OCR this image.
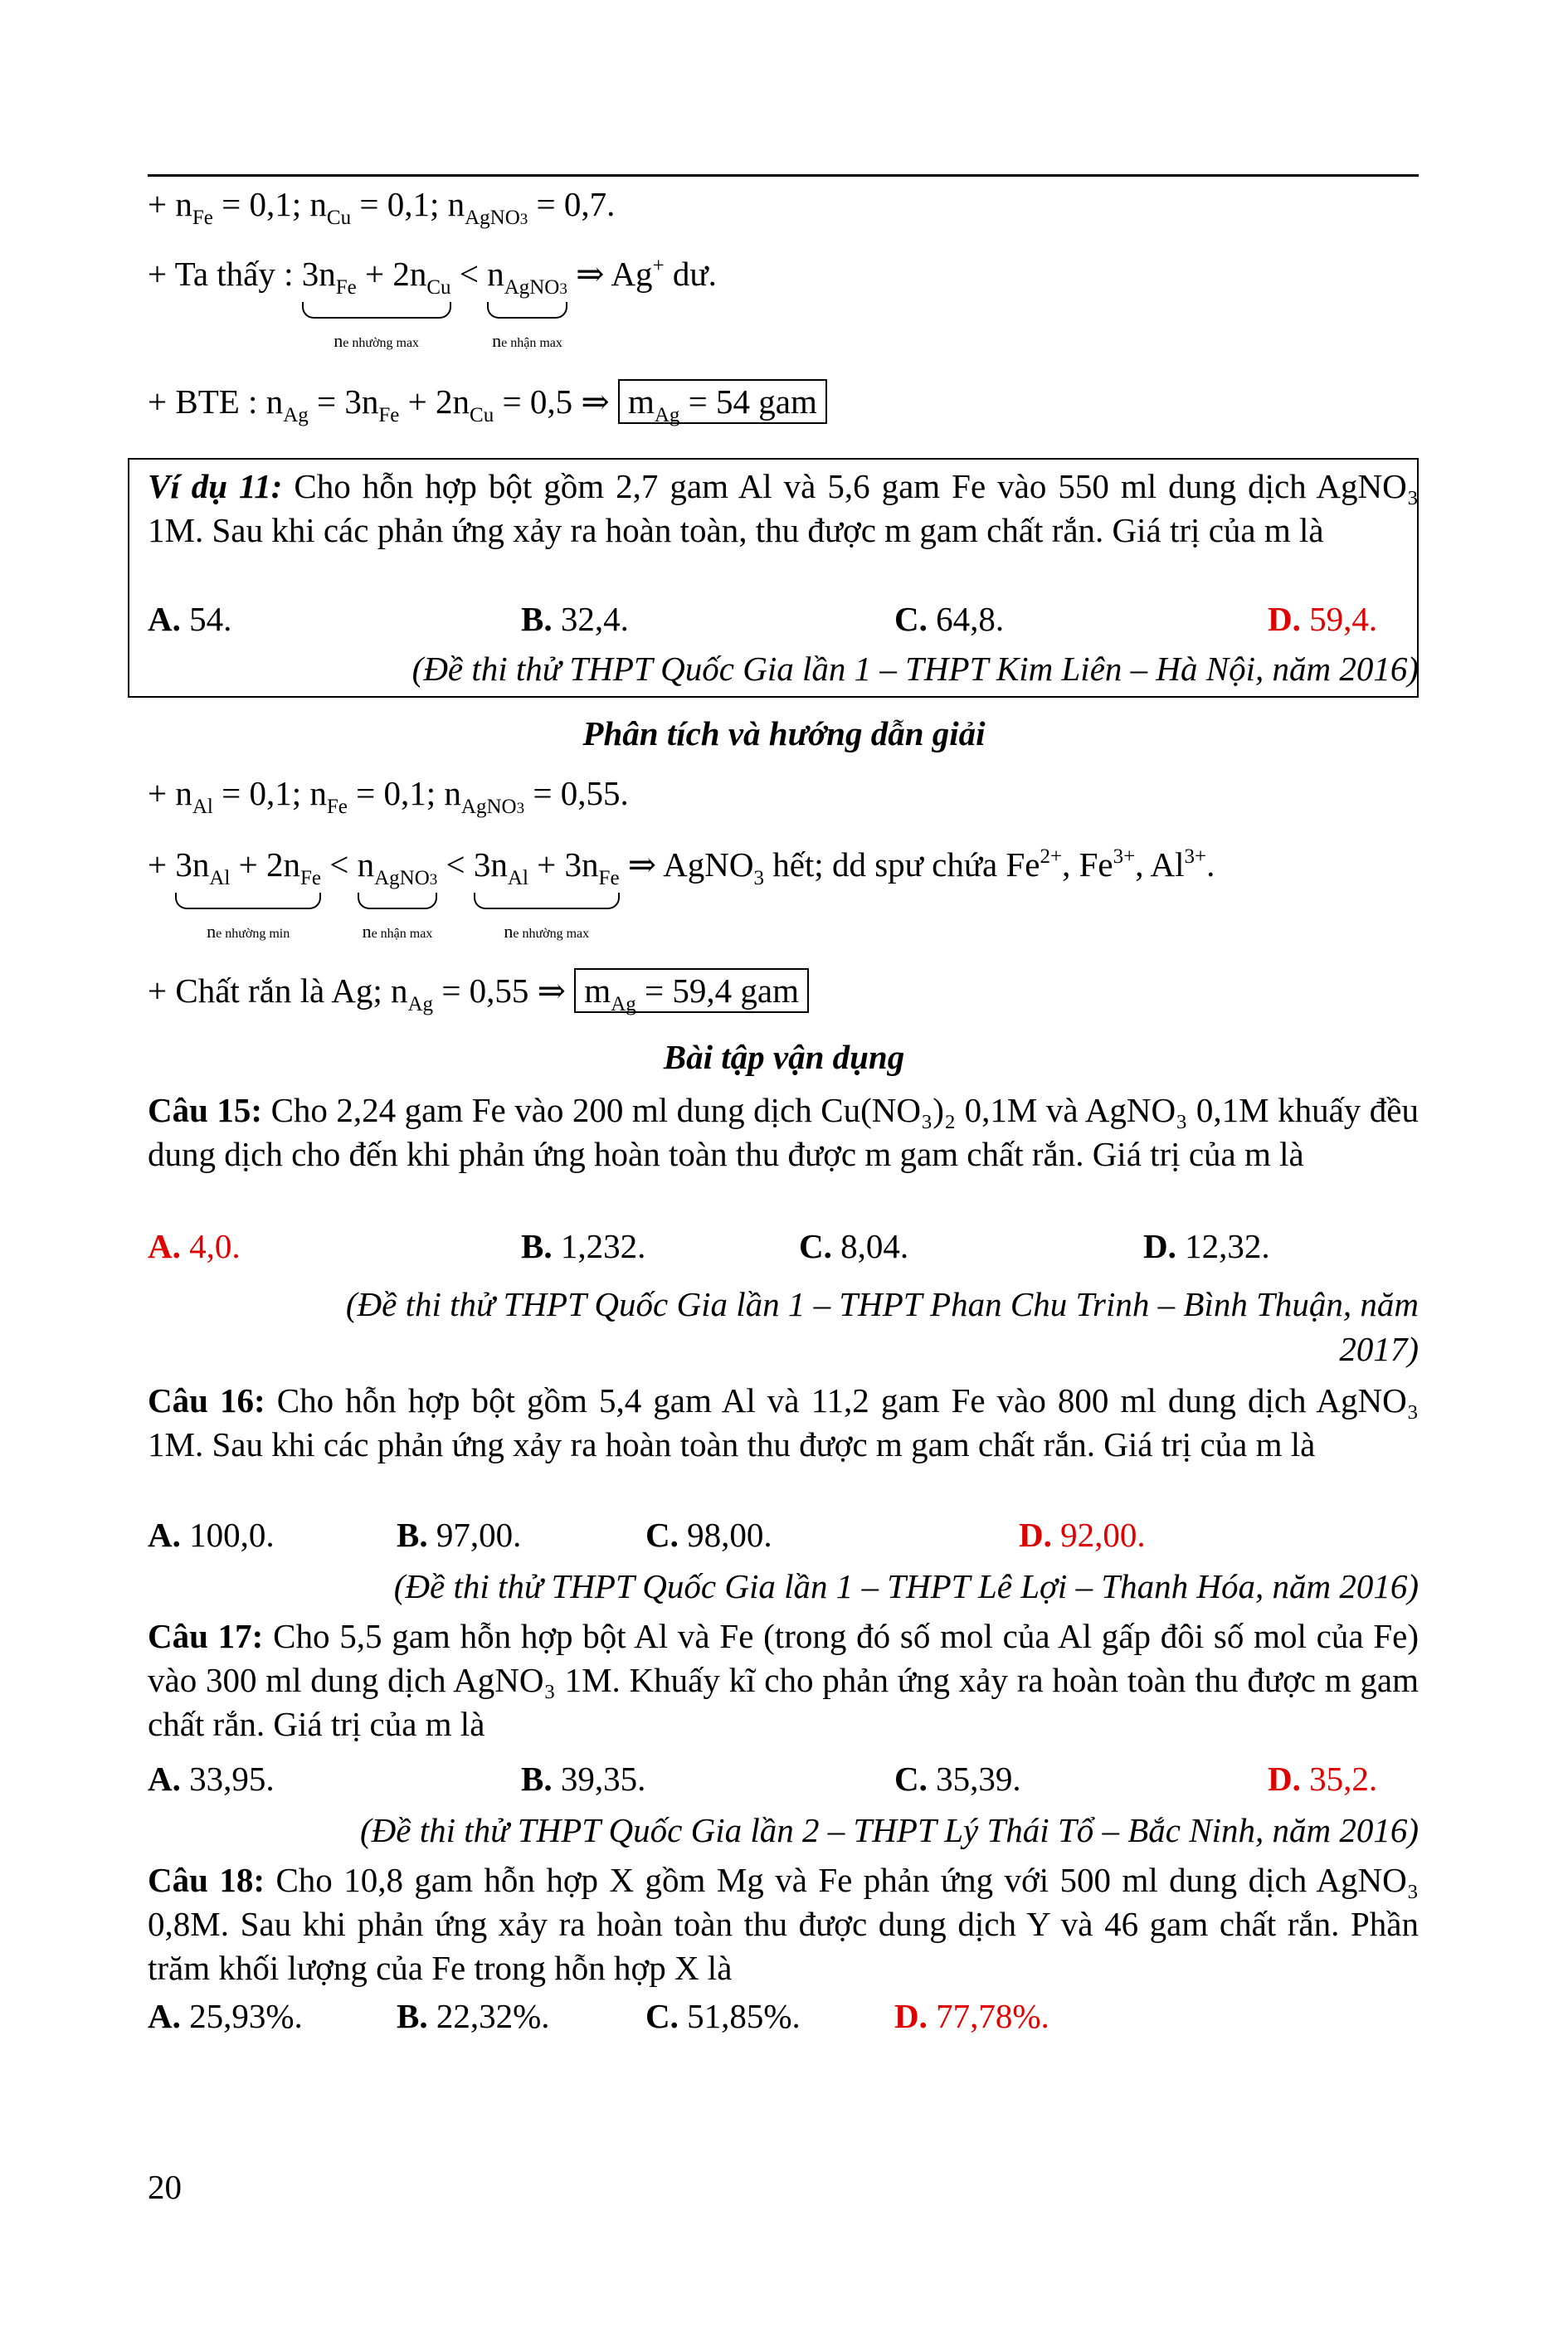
+ $n_{Fe} = 0,1$; $n_{Cu} = 0,1$; $n_{AgNO3} = 0,7$.
+ Ta thấy : $3n_{Fe} + 2n_{Cu}$
ne nhường max
< $n_{AgNO3}$
ne nhận max
⇒ Ag+ dư.
+ BTE : $n_{Ag} = 3n_{Fe} + 2n_{Cu} = 0,5$ ⇒ $m_{Ag} = 54$ gam
Ví dụ 11: Cho hỗn hợp bột gồm 2,7 gam Al và 5,6 gam Fe vào 550 ml dung dịch AgNO₃ 1M. Sau khi các phản ứng xảy ra hoàn toàn, thu được m gam chất rắn. Giá trị của m là
A. 54.	B. 32,4.	C. 64,8.	D. 59,4.
(Đề thi thử THPT Quốc Gia lần 1 – THPT Kim Liên – Hà Nội, năm 2016)
Phân tích và hướng dẫn giải
+ $n_{Al} = 0,1$; $n_{Fe} = 0,1$; $n_{AgNO3} = 0,55$.
+ $3n_{Al} + 2n_{Fe}$
ne nhường min
< $n_{AgNO3}$
ne nhận max
< $3n_{Al} + 3n_{Fe}$
ne nhường max
⇒ AgNO$_3$ hết; dd spư chứa $Fe^{2+}$, $Fe^{3+}$, $Al^{3+}$.
+ Chất rắn là Ag; $n_{Ag} = 0,55$ ⇒ $m_{Ag} = 59,4$ gam
Bài tập vận dụng
Câu 15: Cho 2,24 gam Fe vào 200 ml dung dịch Cu(NO₃)₂ 0,1M và AgNO₃ 0,1M khuấy đều dung dịch cho đến khi phản ứng hoàn toàn thu được m gam chất rắn. Giá trị của m là
A. 4,0.	B. 1,232.	C. 8,04.	D. 12,32.
(Đề thi thử THPT Quốc Gia lần 1 – THPT Phan Chu Trinh – Bình Thuận, năm
2017)
Câu 16: Cho hỗn hợp bột gồm 5,4 gam Al và 11,2 gam Fe vào 800 ml dung dịch AgNO₃ 1M. Sau khi các phản ứng xảy ra hoàn toàn thu được m gam chất rắn. Giá trị của m là
A. 100,0.	B. 97,00.	C. 98,00.	D. 92,00.
(Đề thi thử THPT Quốc Gia lần 1 – THPT Lê Lợi – Thanh Hóa, năm 2016)
Câu 17: Cho 5,5 gam hỗn hợp bột Al và Fe (trong đó số mol của Al gấp đôi số mol của Fe) vào 300 ml dung dịch AgNO₃ 1M. Khuấy kĩ cho phản ứng xảy ra hoàn toàn thu được m gam chất rắn. Giá trị của m là
A. 33,95.	B. 39,35.	C. 35,39.	D. 35,2.
(Đề thi thử THPT Quốc Gia lần 2 – THPT Lý Thái Tổ – Bắc Ninh, năm 2016)
Câu 18: Cho 10,8 gam hỗn hợp X gồm Mg và Fe phản ứng với 500 ml dung dịch AgNO₃ 0,8M. Sau khi phản ứng xảy ra hoàn toàn thu được dung dịch Y và 46 gam chất rắn. Phần trăm khối lượng của Fe trong hỗn hợp X là
A. 25,93%.	B. 22,32%.	C. 51,85%.	D. 77,78%.
20
